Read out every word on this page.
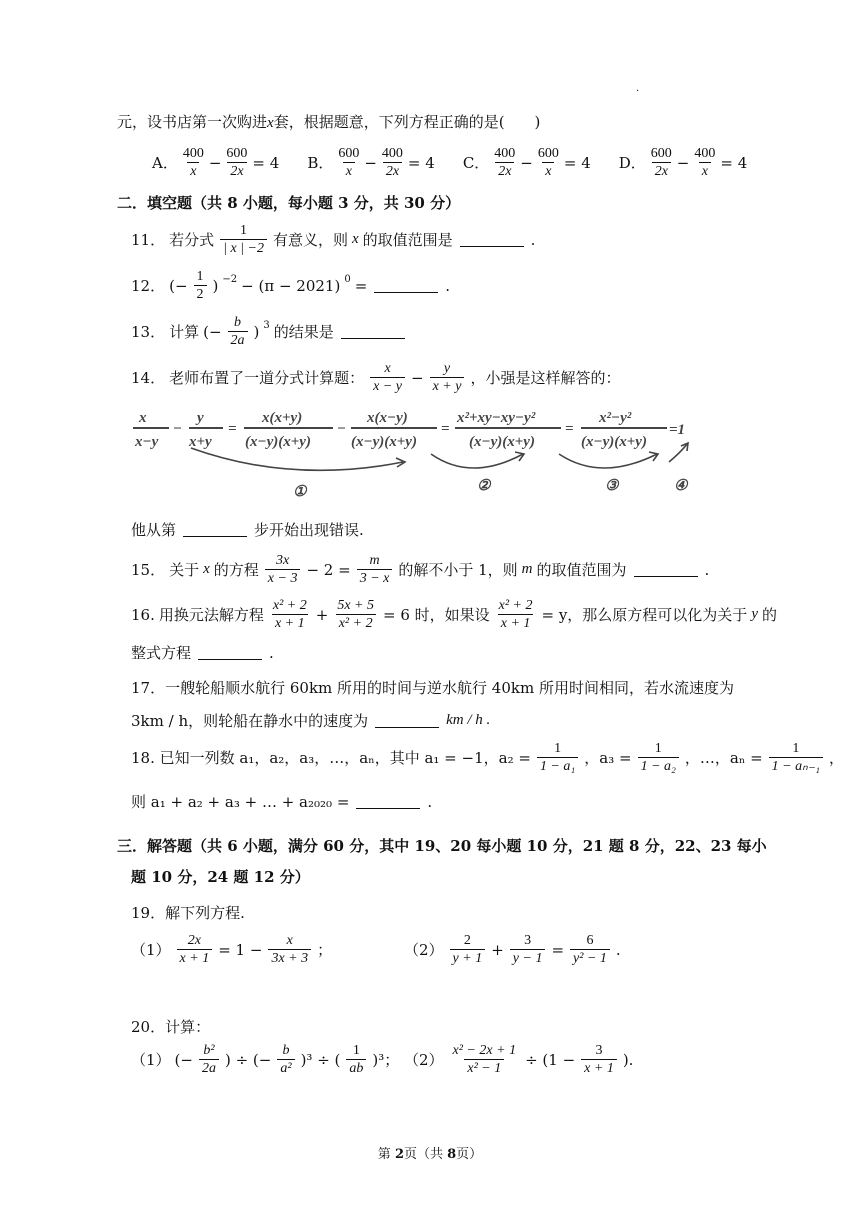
.
元，设书店第一次购进x套，根据题意，下列方程正确的是(　　)
A． $\frac{400}{x} - \frac{600}{2x} = 4$ B． $\frac{600}{x} - \frac{400}{2x} = 4$ C． $\frac{400}{2x} - \frac{600}{x} = 4$ D． $\frac{600}{2x} - \frac{400}{x} = 4$
二．填空题（共 8 小题，每小题 3 分，共 30 分）
11． 若分式 $\frac{1}{| x | -2}$ 有意义，则 x 的取值范围是	.
12． (− $\frac{1}{2}$ ) $^{-2}$ − (π − 2021) $^0$ =	.
13． 计算 (− $\frac{b}{2a}$ ) $^3$ 的结果是
14． 老师布置了一道分式计算题： $\frac{x}{x - y} - \frac{y}{x + y}$ ，小强是这样解答的：
x
x−y
−
y
x+y
=
x(x+y)
(x−y)(x+y)
−
x(x−y)
(x−y)(x+y)
=
x²+xy−xy−y²
(x−y)(x+y)
=
x²−y²
(x−y)(x+y)
=1
①	②	③	④
他从第	步开始出现错误.
15． 关于 x 的方程 $\frac{3x}{x - 3} - 2 = \frac{m}{3 - x}$ 的解不小于 1，则 m 的取值范围为	.
16. 用换元法解方程 $\frac{\text{x² + 2}}{x + 1} + \frac{5x + 5}{\text{x² + 2}} = 6$ 时，如果设 $\frac{\text{x² + 2}}{x + 1} = y$，那么原方程可以化为关于 y 的
整式方程	.
17．一艘轮船顺水航行 60km 所用的时间与逆水航行 40km 所用时间相同，若水流速度为
3km / h，则轮船在静水中的速度为	km / h .
18. 已知一列数 a₁，a₂，a₃，…，aₙ，其中 a₁ = −1，$a_2 = \frac{1}{\text{1 − a₁}}$ ，$a_3 = \frac{1}{\text{1 − a₂}}$ ，…，$a_n = \frac{1}{\text{1 − aₙ₋₁}}$ ，
则 a₁ + a₂ + a₃ + … + a₂₀₂₀ =	.
三．解答题（共 6 小题，满分 60 分，其中 19、20 每小题 10 分，21 题 8 分，22、23 每小
题 10 分，24 题 12 分）
19．解下列方程.
$(1) \frac{2x}{x + 1} = 1 - \frac{x}{3x + 3}$ ；	$(2) \frac{2}{y + 1} + \frac{3}{y - 1} = \frac{6}{\text{y² − 1}}$ .
20．计算：
（1） (− $\frac{\text{b²}}{2a}$ ) ÷ (− $\frac{b}{\text{a²}} )^3$ ÷ ( $\frac{1}{ab} )^3$； $(2) \frac{\text{x² − 2x + 1}}{\text{x² − 1}} \div (1 - \frac{3}{x + 1}$ ).
第 2页（共 8页）
